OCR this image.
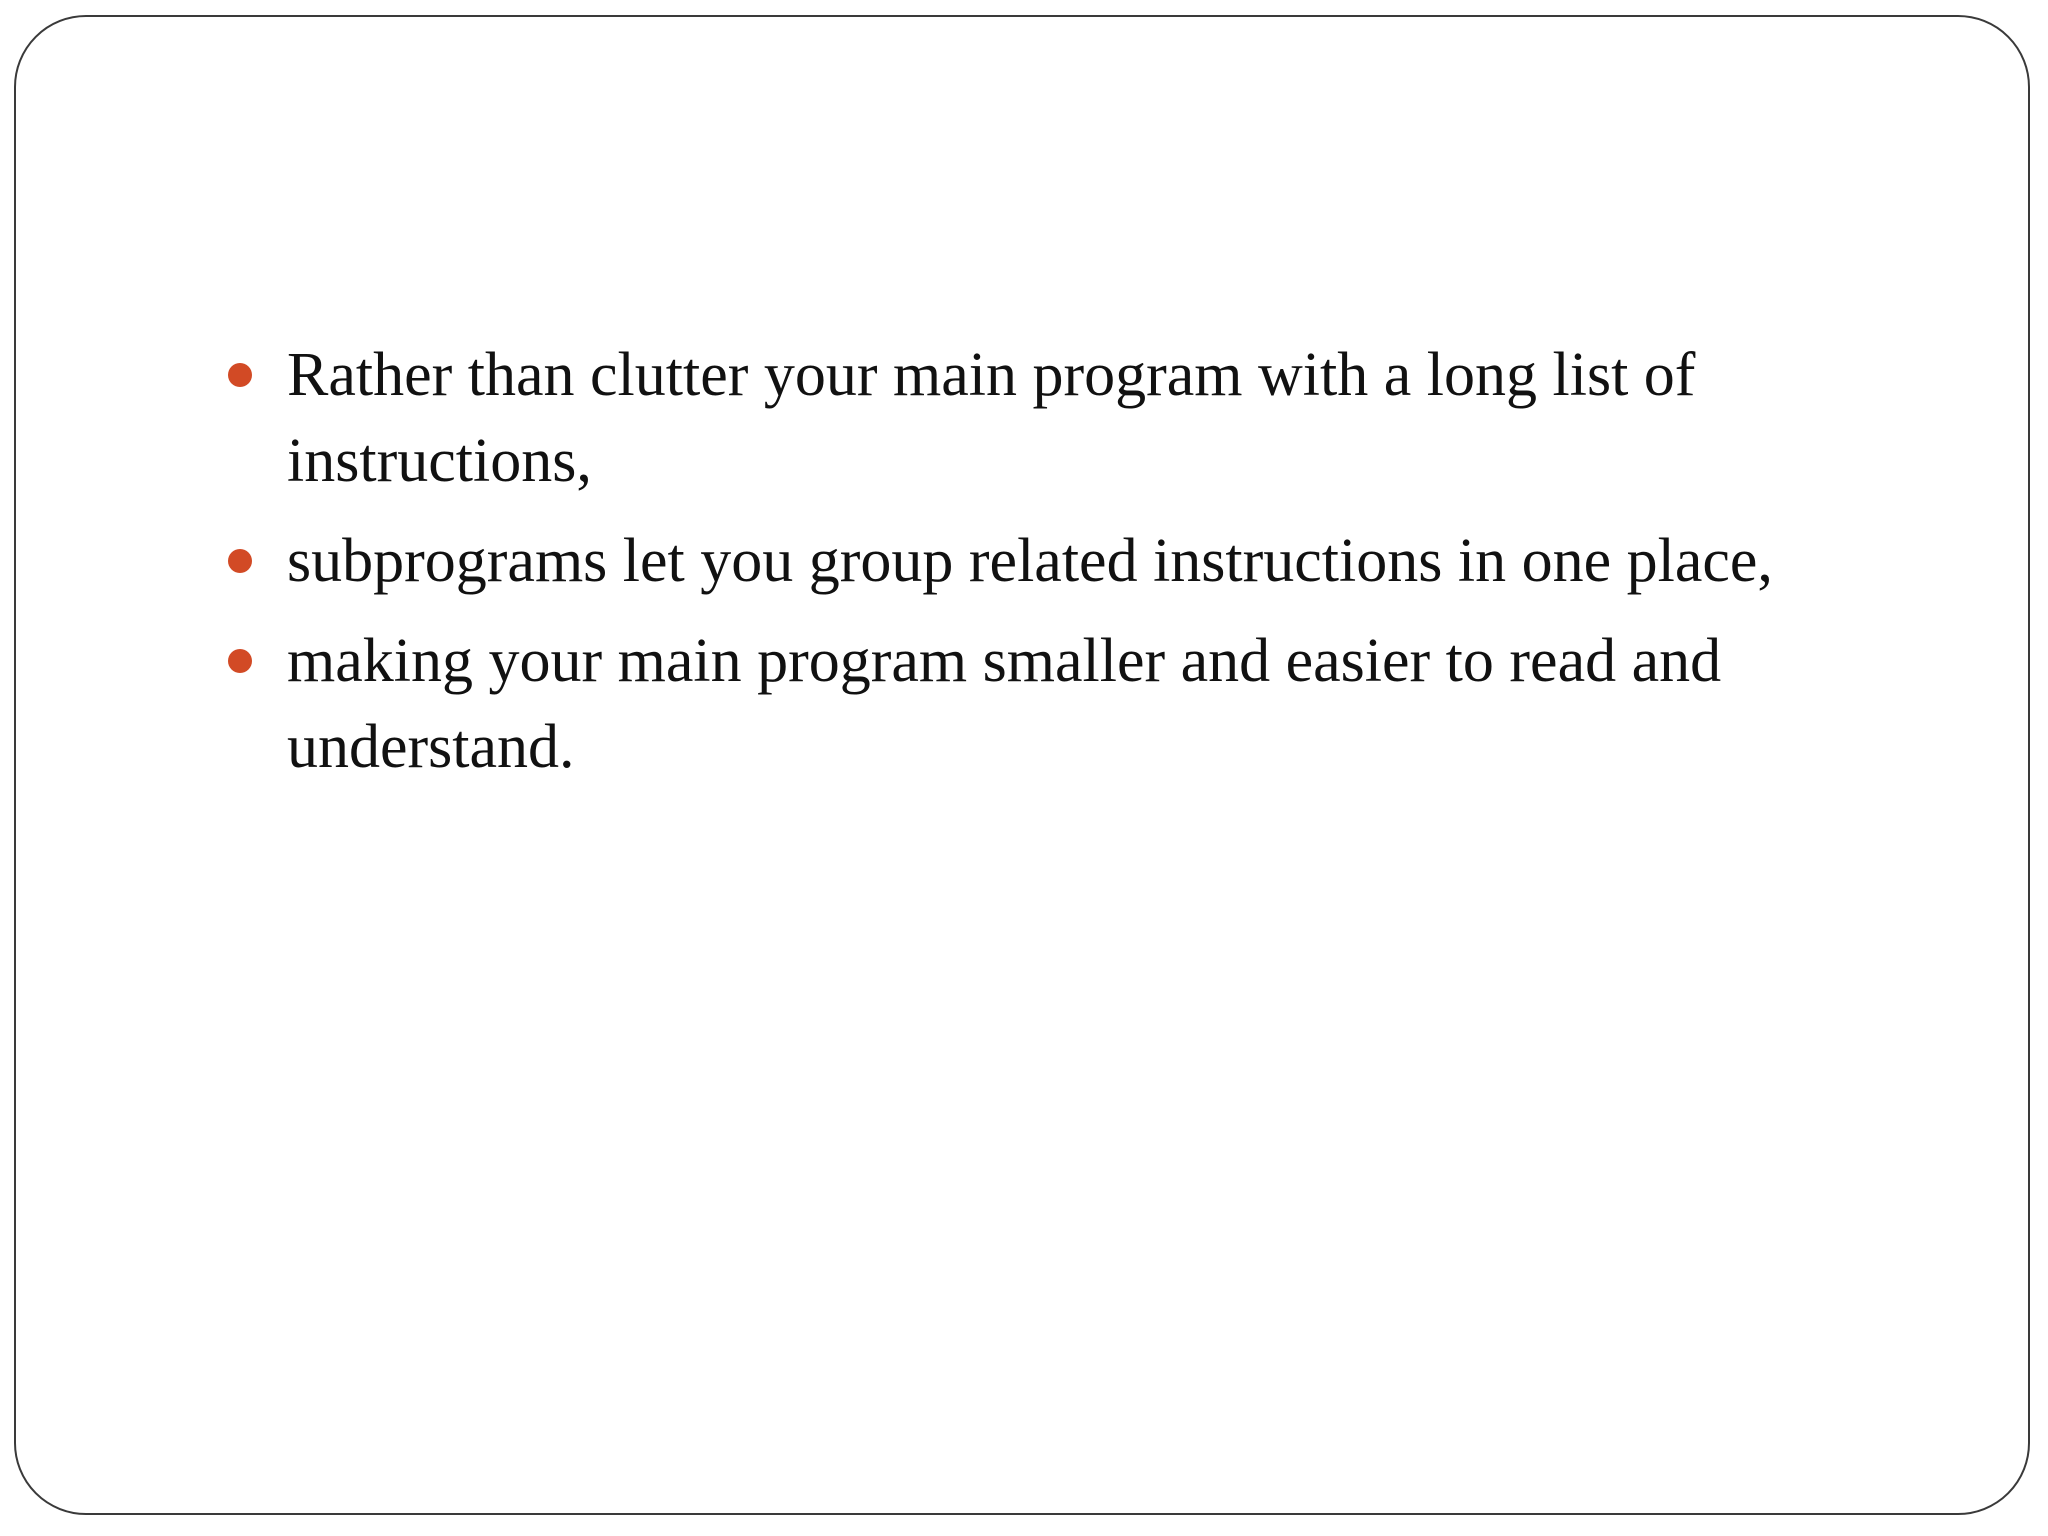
Rather than clutter your main program with a long list of instructions,
subprograms let you group related instructions in one place,
making your main program smaller and easier to read and understand.
